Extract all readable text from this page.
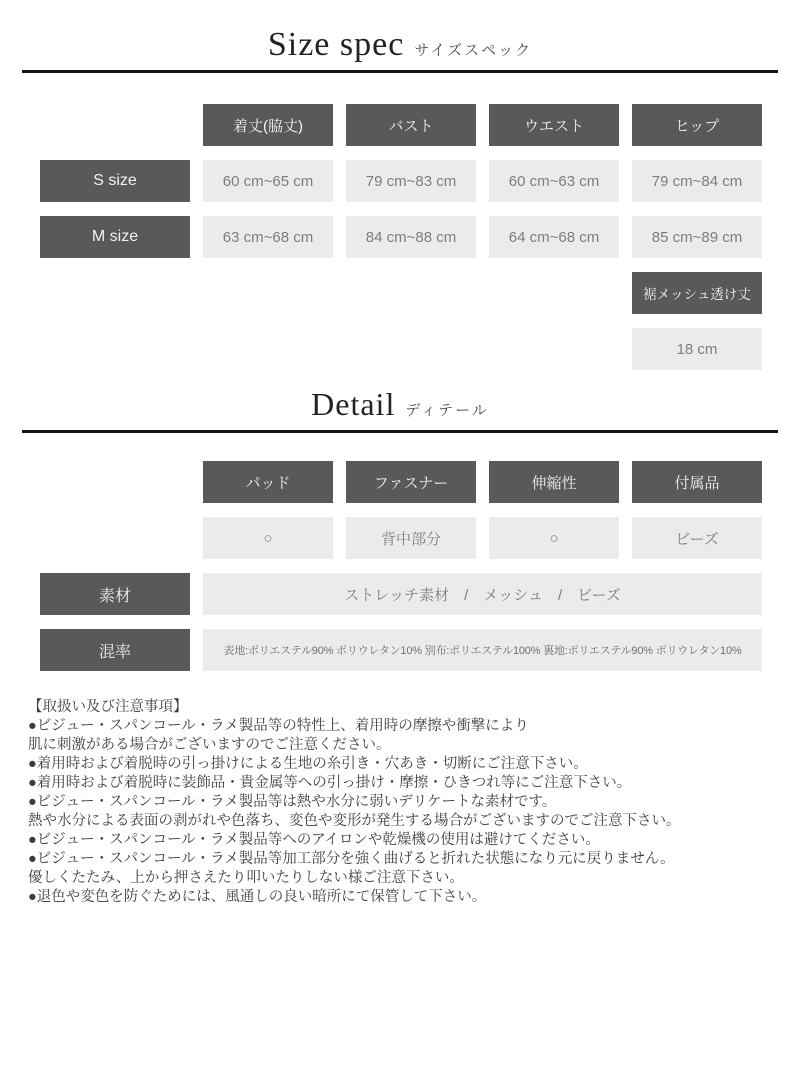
Size spec サイズスペック
着丈(脇丈)	バスト	ウエスト	ヒップ
S size	60 cm~65 cm	79 cm~83 cm	60 cm~63 cm	79 cm~84 cm
M size	63 cm~68 cm	84 cm~88 cm	64 cm~68 cm	85 cm~89 cm
裾メッシュ透け丈
18 cm
Detail ディテール
パッド	ファスナー	伸縮性	付属品
○	背中部分	○	ビーズ
素材	ストレッチ素材　/　メッシュ　/　ビーズ
混率	表地:ポリエステル90% ポリウレタン10% 別布:ポリエステル100% 裏地:ポリエステル90% ポリウレタン10%
【取扱い及び注意事項】
●ビジュー・スパンコール・ラメ製品等の特性上、着用時の摩擦や衝撃により
肌に刺激がある場合がございますのでご注意ください。
●着用時および着脱時の引っ掛けによる生地の糸引き・穴あき・切断にご注意下さい。
●着用時および着脱時に装飾品・貴金属等への引っ掛け・摩擦・ひきつれ等にご注意下さい。
●ビジュー・スパンコール・ラメ製品等は熱や水分に弱いデリケートな素材です。
熱や水分による表面の剥がれや色落ち、変色や変形が発生する場合がございますのでご注意下さい。
●ビジュー・スパンコール・ラメ製品等へのアイロンや乾燥機の使用は避けてください。
●ビジュー・スパンコール・ラメ製品等加工部分を強く曲げると折れた状態になり元に戻りません。
優しくたたみ、上から押さえたり叩いたりしない様ご注意下さい。
●退色や変色を防ぐためには、風通しの良い暗所にて保管して下さい。
